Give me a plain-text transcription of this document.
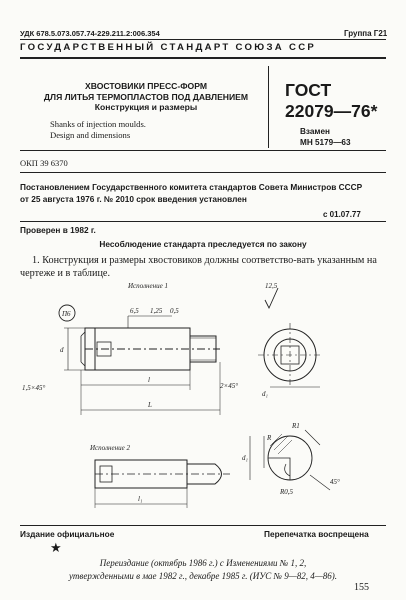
УДК 678.5.073.057.74-229.211.2:006.354	Группа Г21
ГОСУДАРСТВЕННЫЙ СТАНДАРТ СОЮЗА ССР
ХВОСТОВИКИ ПРЕСС-ФОРМ
ДЛЯ ЛИТЬЯ ТЕРМОПЛАСТОВ ПОД ДАВЛЕНИЕМ
Конструкция и размеры
Shanks of injection moulds.
Design and dimensions
ГОСТ
22079—76*
Взамен
МН 5179—63
ОКП 39 6370
Постановлением Государственного комитета стандартов Совета Министров СССР
от 25 августа 1976 г. № 2010 срок введения установлен
с 01.07.77
Проверен в 1982 г.
Несоблюдение стандарта преследуется по закону
1. Конструкция и размеры хвостовиков должны соответство-вать указанным на чертеже и в таблице.
Исполнение 1	12,5
П6	6,5 1,25 0,5
1,5×45°	2×45°
d
l
L
d₁
Исполнение 2
l₁
d₁
R
R1
R0,5
45°
Издание официальное	Перепечатка воспрещена
★
Переиздание (октябрь 1986 г.) с Изменениями № 1, 2,
утвержденными в мае 1982 г., декабре 1985 г. (ИУС № 9—82, 4—86).
155
